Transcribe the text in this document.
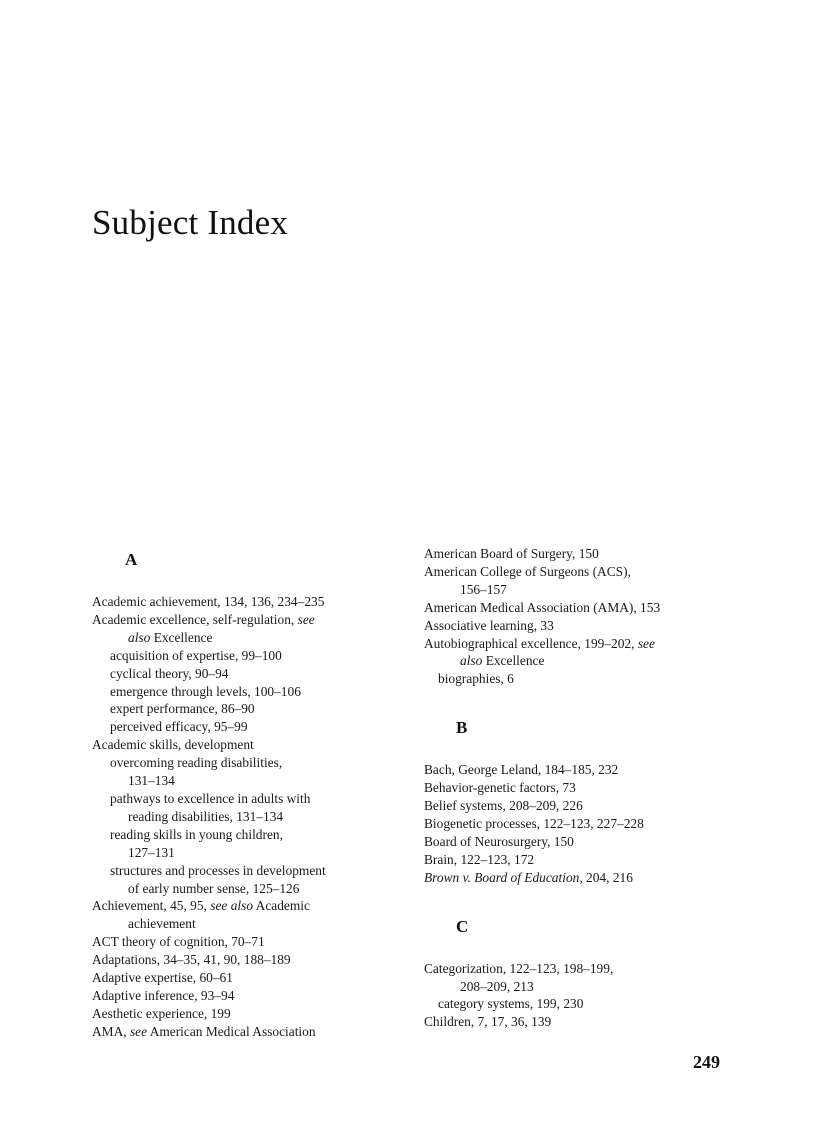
Subject Index
A
Academic achievement, 134, 136, 234–235
Academic excellence, self-regulation, see
also Excellence
acquisition of expertise, 99–100
cyclical theory, 90–94
emergence through levels, 100–106
expert performance, 86–90
perceived efficacy, 95–99
Academic skills, development
overcoming reading disabilities,
131–134
pathways to excellence in adults with
reading disabilities, 131–134
reading skills in young children,
127–131
structures and processes in development
of early number sense, 125–126
Achievement, 45, 95, see also Academic
achievement
ACT theory of cognition, 70–71
Adaptations, 34–35, 41, 90, 188–189
Adaptive expertise, 60–61
Adaptive inference, 93–94
Aesthetic experience, 199
AMA, see American Medical Association
American Board of Surgery, 150
American College of Surgeons (ACS),
156–157
American Medical Association (AMA), 153
Associative learning, 33
Autobiographical excellence, 199–202, see
also Excellence
biographies, 6
B
Bach, George Leland, 184–185, 232
Behavior-genetic factors, 73
Belief systems, 208–209, 226
Biogenetic processes, 122–123, 227–228
Board of Neurosurgery, 150
Brain, 122–123, 172
Brown v. Board of Education, 204, 216
C
Categorization, 122–123, 198–199,
208–209, 213
category systems, 199, 230
Children, 7, 17, 36, 139
249
